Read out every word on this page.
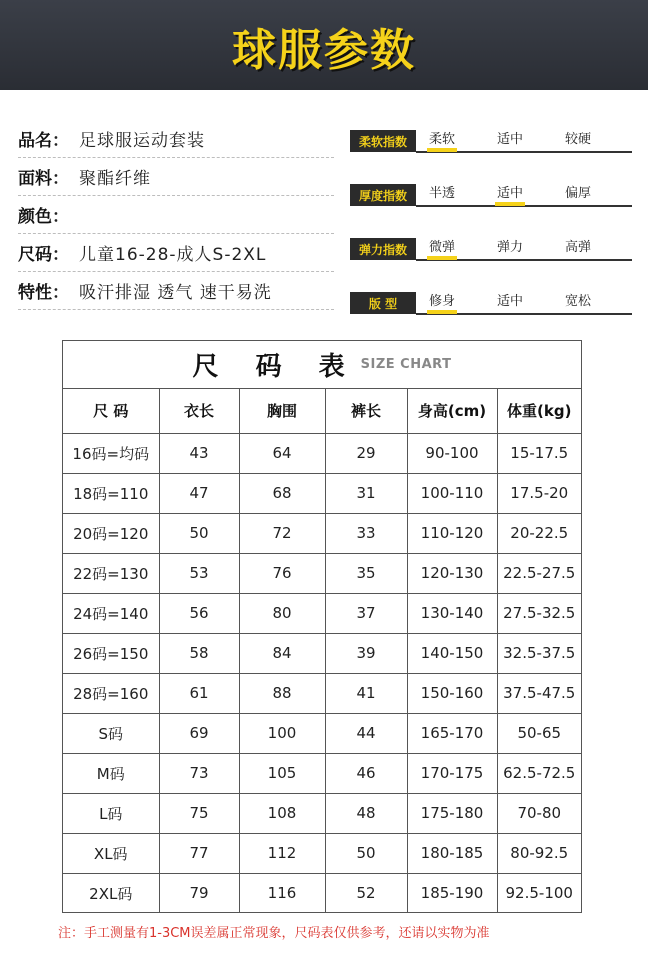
球服参数
品名 ： 足球服运动套装
面料 ： 聚酯纤维
颜色 ：
尺码 ： 儿童16-28-成人S-2XL
特性 ： 吸汗排湿 透气 速干易洗
柔软指数	柔软	适中	较硬
厚度指数	半透	适中	偏厚
弹力指数	微弹	弹力	高弹
版 型	修身	适中	宽松
尺 码 表 SIZE CHART
尺 码	衣长	胸围	裤长	身高(cm)	体重(kg)
16码=均码	43	64	29	90-100	15-17.5
18码=110	47	68	31	100-110	17.5-20
20码=120	50	72	33	110-120	20-22.5
22码=130	53	76	35	120-130	22.5-27.5
24码=140	56	80	37	130-140	27.5-32.5
26码=150	58	84	39	140-150	32.5-37.5
28码=160	61	88	41	150-160	37.5-47.5
S码	69	100	44	165-170	50-65
M码	73	105	46	170-175	62.5-72.5
L码	75	108	48	175-180	70-80
XL码	77	112	50	180-185	80-92.5
2XL码	79	116	52	185-190	92.5-100
注：手工测量有1-3CM误差属正常现象，尺码表仅供参考，还请以实物为准
